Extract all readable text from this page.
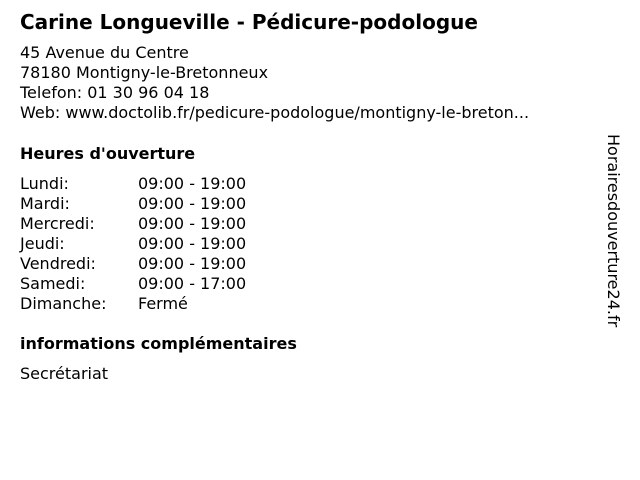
Carine Longueville - Pédicure-podologue
45 Avenue du Centre
78180 Montigny-le-Bretonneux
Telefon: 01 30 96 04 18
Web: www.doctolib.fr/pedicure-podologue/montigny-le-breton...
Heures d'ouverture
Lundi:	09:00 - 19:00
Mardi:	09:00 - 19:00
Mercredi:	09:00 - 19:00
Jeudi:	09:00 - 19:00
Vendredi:	09:00 - 19:00
Samedi:	09:00 - 17:00
Dimanche: Fermé
informations complémentaires
Secrétariat
Horairesdouverture24.fr
